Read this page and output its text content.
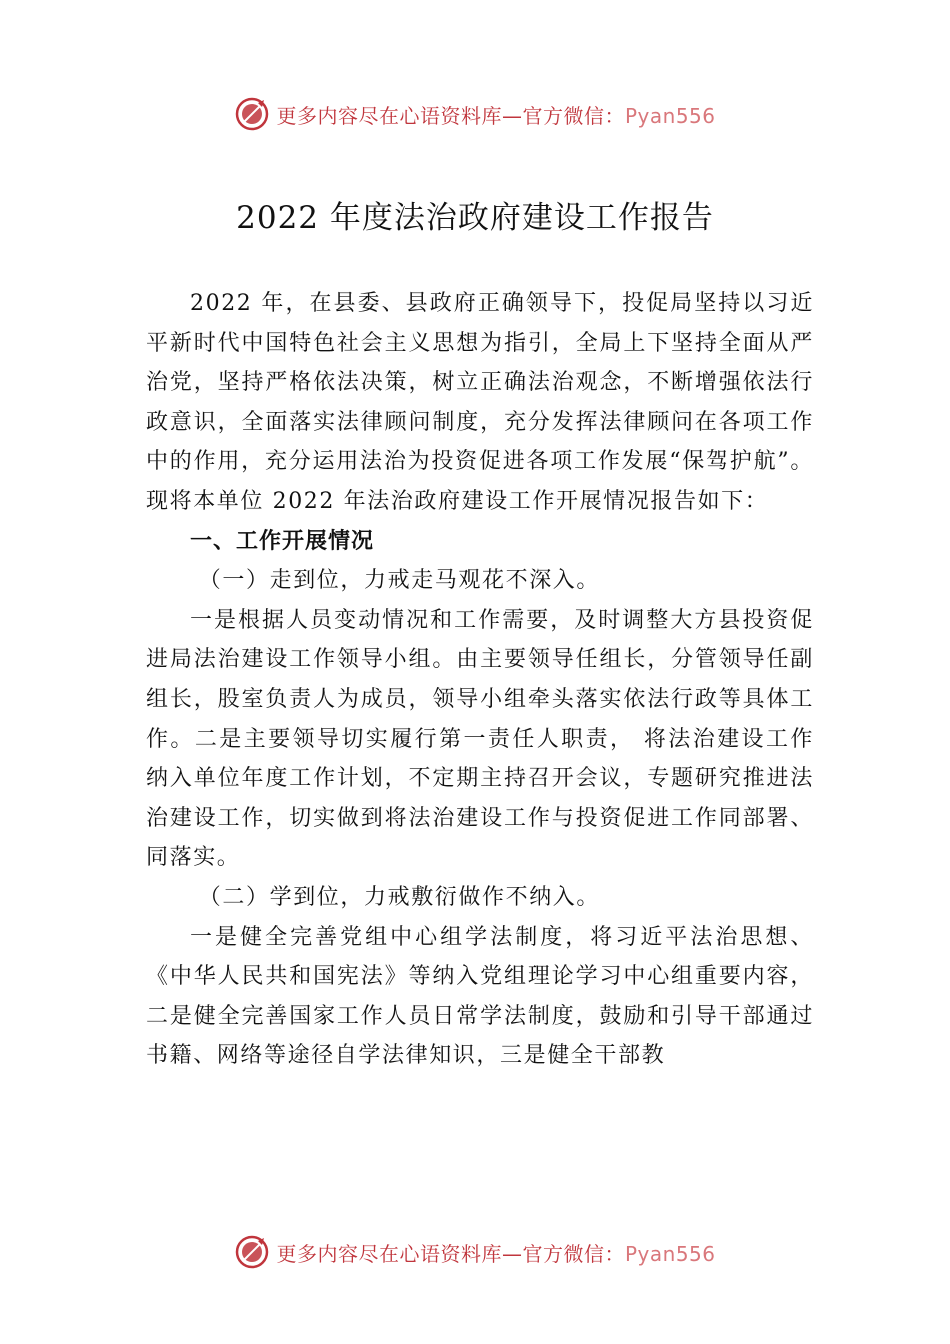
更多内容尽在心语资料库—官方微信：Pyan556
2022 年度法治政府建设工作报告

2022 年，在县委、县政府正确领导下，投促局坚持以习近平新时代中国特色社会主义思想为指引，全局上下坚持全面从严治党，坚持严格依法决策，树立正确法治观念，不断增强依法行政意识，全面落实法律顾问制度，充分发挥法律顾问在各项工作中的作用，充分运用法治为投资促进各项工作发展“保驾护航”。现将本单位 2022 年法治政府建设工作开展情况报告如下：

一、工作开展情况

（一）走到位，力戒走马观花不深入。

一是根据人员变动情况和工作需要，及时调整大方县投资促进局法治建设工作领导小组。由主要领导任组长，分管领导任副组长，股室负责人为成员，领导小组牵头落实依法行政等具体工作。二是主要领导切实履行第一责任人职责， 将法治建设工作纳入单位年度工作计划，不定期主持召开会议，专题研究推进法治建设工作，切实做到将法治建设工作与投资促进工作同部署、同落实。

（二）学到位，力戒敷衍做作不纳入。

一是健全完善党组中心组学法制度，将习近平法治思想、《中华人民共和国宪法》等纳入党组理论学习中心组重要内容，二是健全完善国家工作人员日常学法制度，鼓励和引导干部通过书籍、网络等途径自学法律知识，三是健全干部教

更多内容尽在心语资料库—官方微信：Pyan556
